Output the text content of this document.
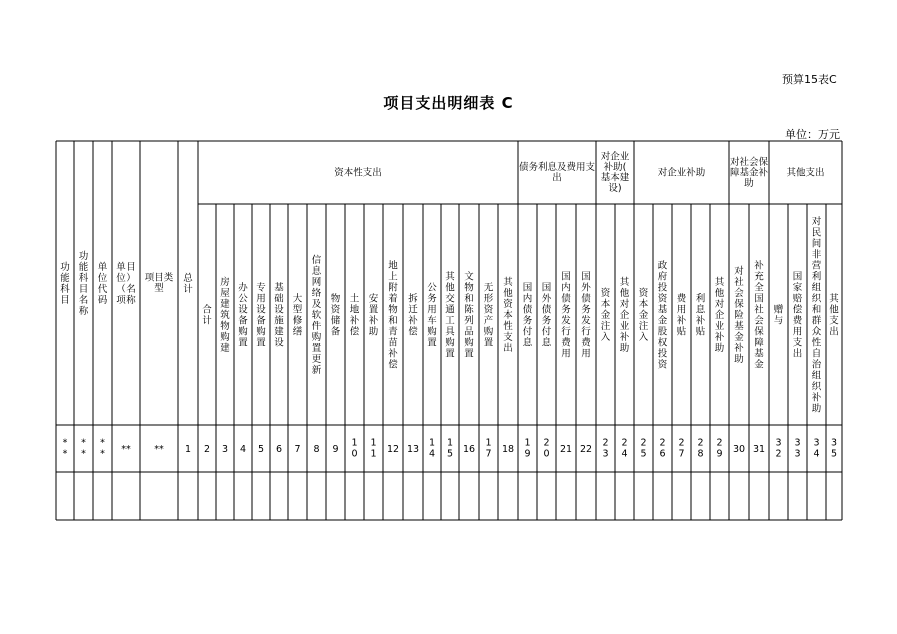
预算15表C
项目支出明细表 C
单位：万元
资本性支出	债务利息及费用支出
对企业补助(基本建设)
对企业补助
对社会保障基金补助
其他支出
功能科目
功能科目名称
单位代码
单位（项目）名称
项目类型
总计
合计
房屋建筑物购建
办公设备购置
专用设备购置
基础设施建设
大型修缮
信息网络及软件购置更新
物资储备
土地补偿
安置补助
地上附着物和青苗补偿
拆迁补偿
公务用车购置
其他交通工具购置
文物和陈列品购置
无形资产购置
其他资本性支出
国内债务付息
国外债务付息
国内债务发行费用
国外债务发行费用
资本金注入
其他对企业补助
资本金注入
政府投资基金股权投资
费用补贴
利息补贴
其他对企业补助
对社会保险基金补助
补充全国社会保障基金
赠与
国家赔偿费用支出
对民间非营利组织和群众性自治组织补助
其他支出
* *
* *
* * ** ** 1 2 3 4 5 6 7 8 9
1 0
1 1 12 13
1 4
1 5 16
1 7 18
1 9
2 0 21 22
2 3
2 4
2 5
2 6
2 7
2 8
2 9 30 31
3 2
3 3
3 4
3 5
